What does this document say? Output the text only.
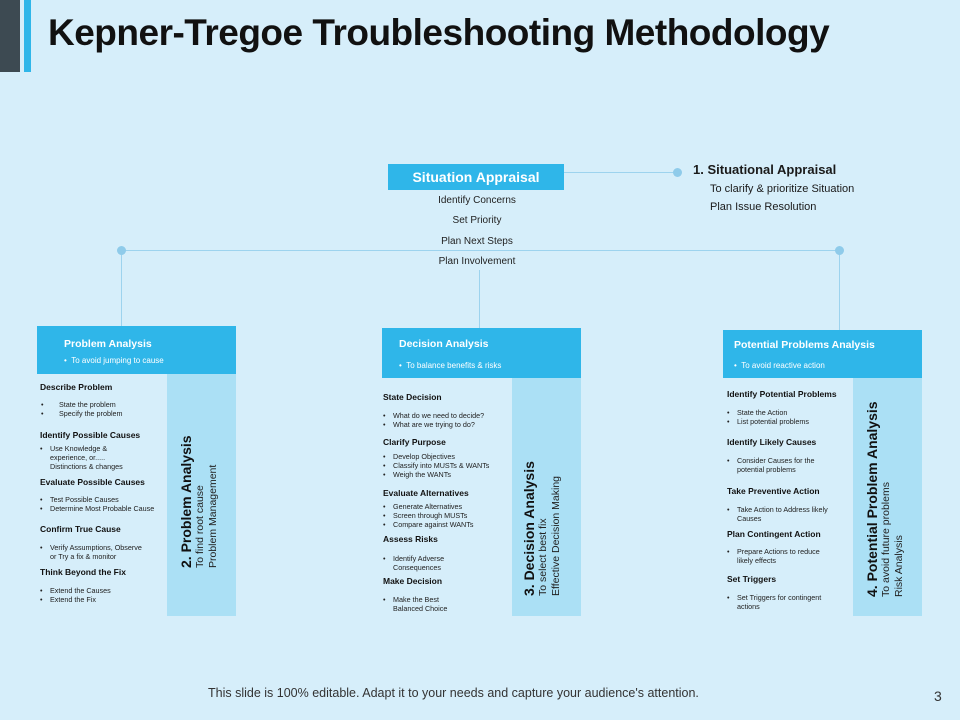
Kepner-Tregoe Troubleshooting Methodology
Situation Appraisal
Identify Concerns
Set Priority
Plan Next Steps
Plan Involvement
1. Situational Appraisal
To clarify & prioritize Situation
Plan Issue Resolution
Problem Analysis
•  To avoid jumping to cause
2. Problem Analysis To find root cause Problem Management
Describe Problem
• State the problem
• Specify the problem
Identify Possible Causes
• Use Knowledge &
experience, or.....
Distinctions & changes
Evaluate Possible Causes
• Test Possible Causes
• Determine Most Probable Cause
Confirm True Cause
• Verify Assumptions, Observe
or Try a fix & monitor
Think Beyond the Fix
• Extend the Causes
• Extend the Fix
Decision Analysis
•  To balance benefits & risks
3. Decision Analysis To select best fix Effective Decision Making
State Decision
• What do we need to decide?
• What are we trying to do?
Clarify Purpose
• Develop Objectives
• Classify into MUSTs & WANTs
• Weigh the WANTs
Evaluate Alternatives
• Generate Alternatives
• Screen through MUSTs
• Compare against WANTs
Assess Risks
• Identify Adverse
Consequences
Make Decision
• Make the Best
Balanced Choice
Potential Problems Analysis
•  To avoid reactive action
4. Potential Problem Analysis To avoid future problems Risk Analysis
Identify Potential Problems
• State the Action
• List potential problems
Identify Likely Causes
• Consider Causes for the
potential problems
Take Preventive Action
• Take Action to Address likely
Causes
Plan Contingent Action
• Prepare Actions to reduce
likely effects
Set Triggers
• Set Triggers for contingent
actions
This slide is 100% editable. Adapt it to your needs and capture your audience's attention.	3
